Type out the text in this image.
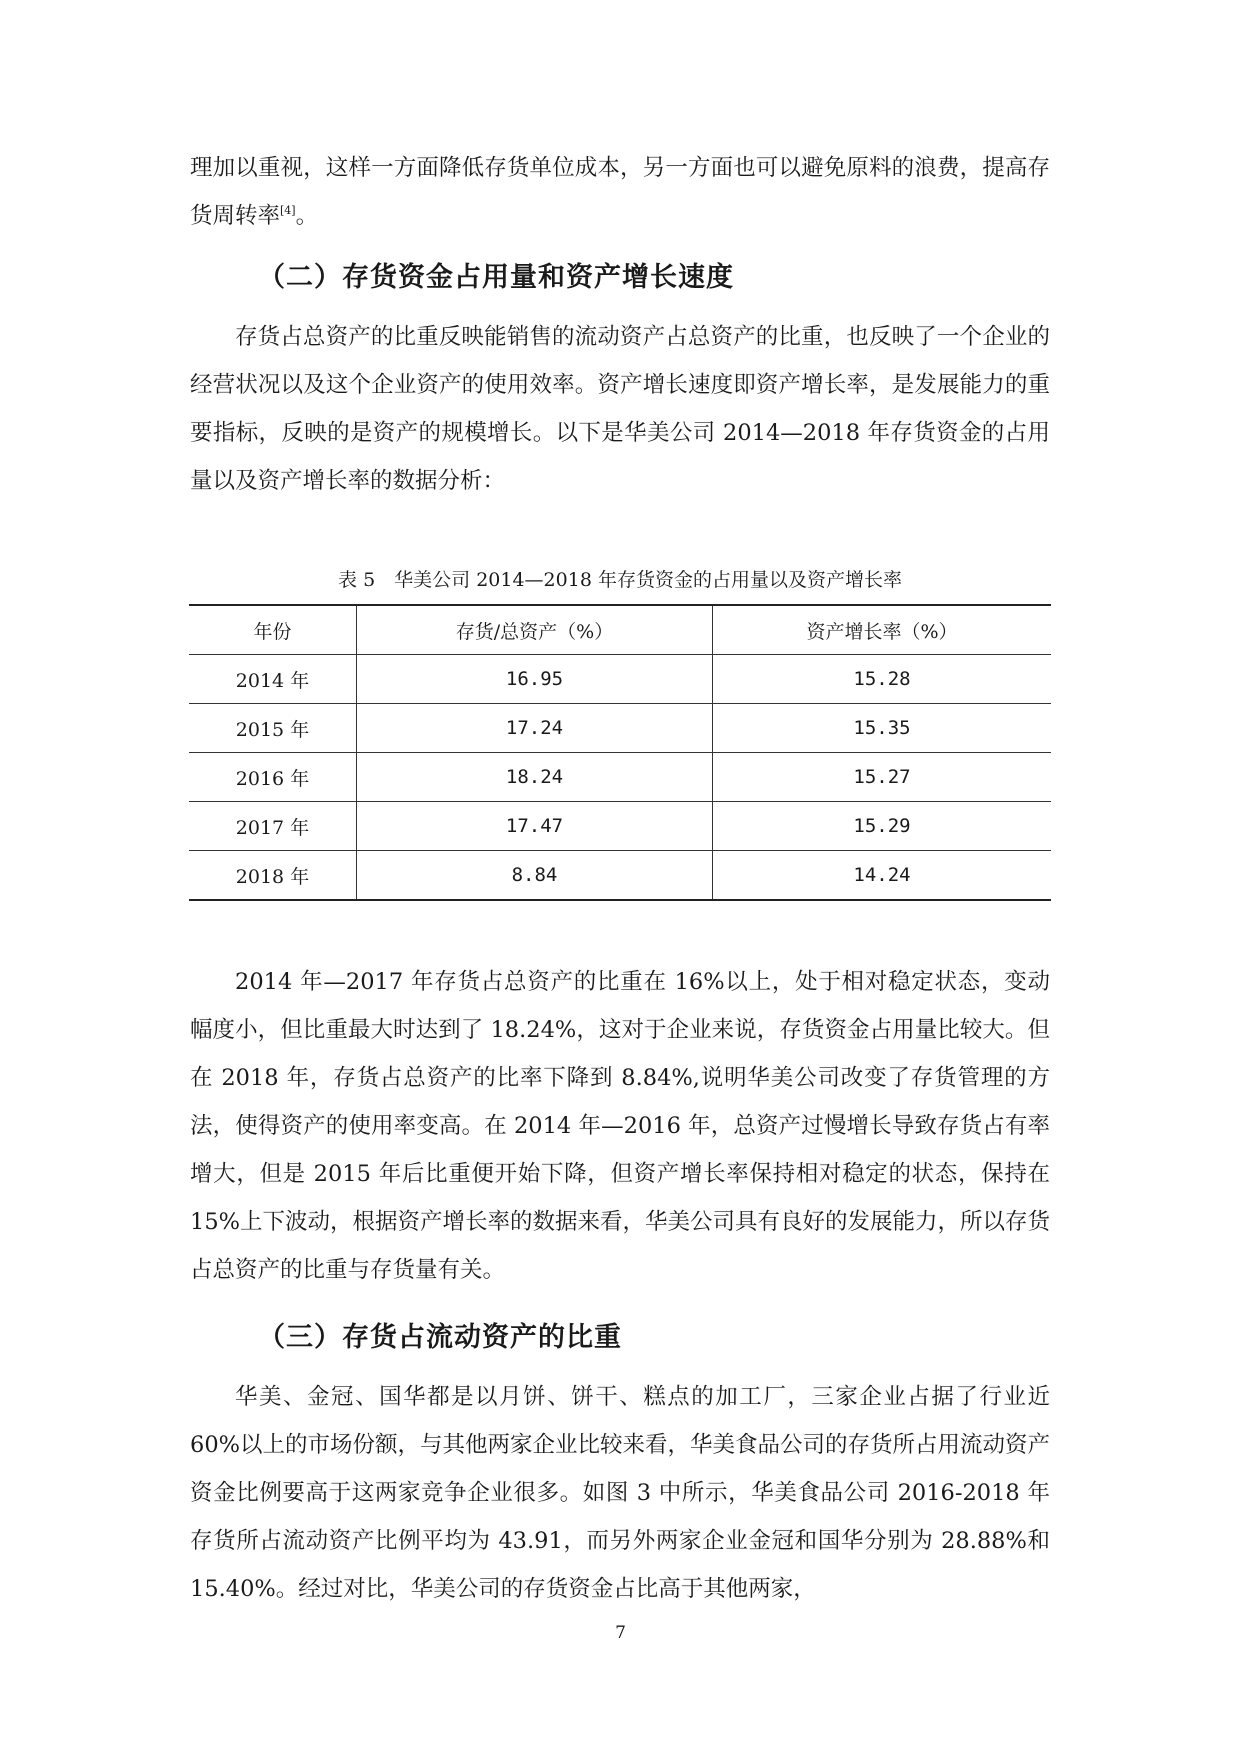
理加以重视，这样一方面降低存货单位成本，另一方面也可以避免原料的浪费，提高存货周转率[4]。

（二）存货资金占用量和资产增长速度

存货占总资产的比重反映能销售的流动资产占总资产的比重，也反映了一个企业的经营状况以及这个企业资产的使用效率。资产增长速度即资产增长率，是发展能力的重要指标，反映的是资产的规模增长。以下是华美公司 2014—2018 年存货资金的占用量以及资产增长率的数据分析：

表 5　华美公司 2014—2018 年存货资金的占用量以及资产增长率

年份	存货/总资产（%）	资产增长率（%）
2014 年	16.95	15.28
2015 年	17.24	15.35
2016 年	18.24	15.27
2017 年	17.47	15.29
2018 年	8.84	14.24

2014 年—2017 年存货占总资产的比重在 16%以上，处于相对稳定状态，变动幅度小，但比重最大时达到了 18.24%，这对于企业来说，存货资金占用量比较大。但在 2018 年，存货占总资产的比率下降到 8.84%,说明华美公司改变了存货管理的方法，使得资产的使用率变高。在 2014 年—2016 年，总资产过慢增长导致存货占有率增大，但是 2015 年后比重便开始下降，但资产增长率保持相对稳定的状态，保持在 15%上下波动，根据资产增长率的数据来看，华美公司具有良好的发展能力，所以存货占总资产的比重与存货量有关。

（三）存货占流动资产的比重

华美、金冠、国华都是以月饼、饼干、糕点的加工厂，三家企业占据了行业近 60%以上的市场份额，与其他两家企业比较来看，华美食品公司的存货所占用流动资产资金比例要高于这两家竞争企业很多。如图 3 中所示，华美食品公司 2016-2018 年存货所占流动资产比例平均为 43.91，而另外两家企业金冠和国华分别为 28.88%和 15.40%。经过对比，华美公司的存货资金占比高于其他两家，

7
